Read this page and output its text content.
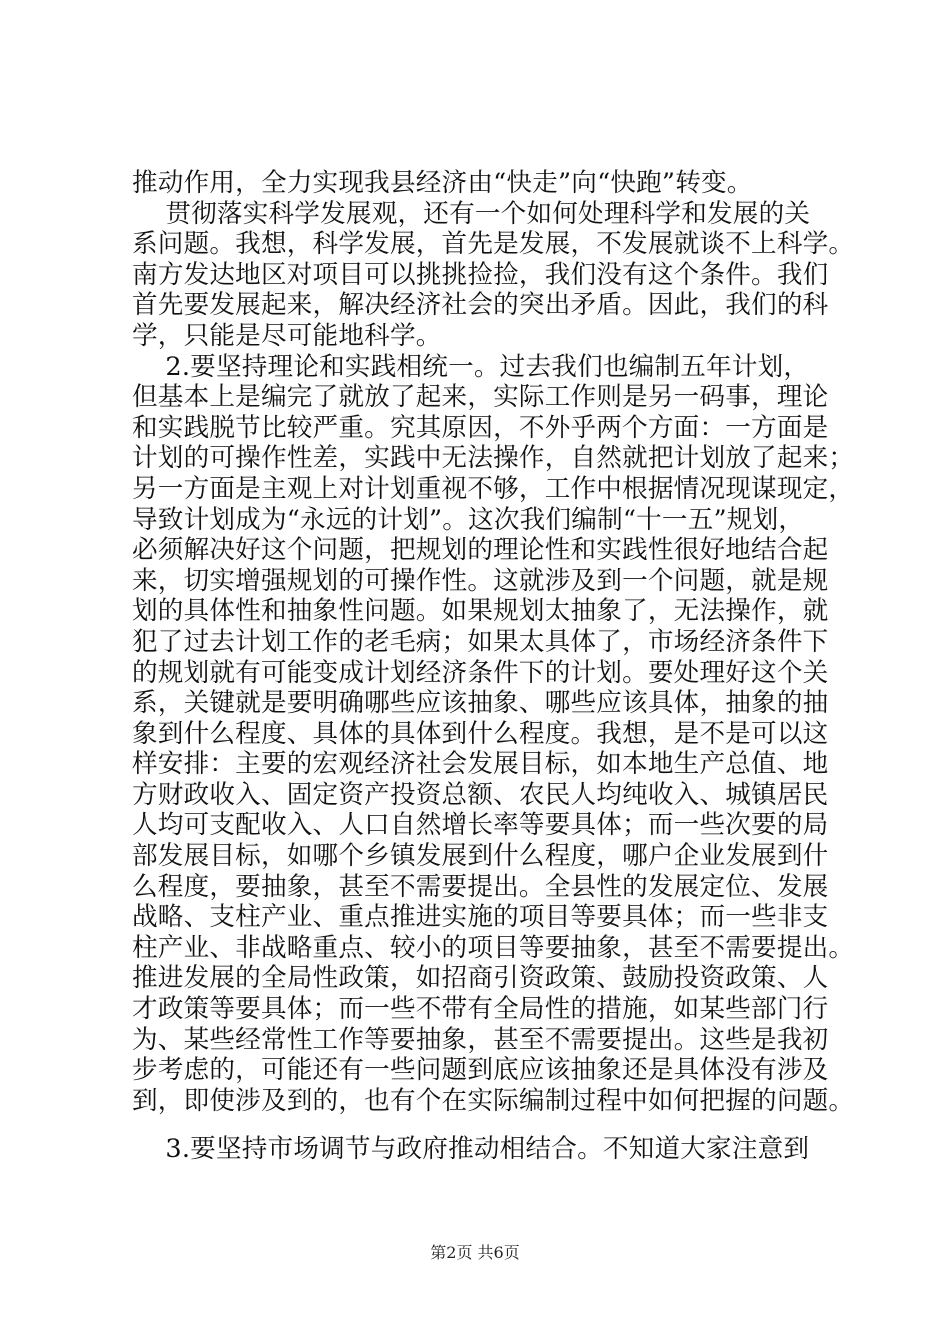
推动作用，全力实现我县经济由“快走”向“快跑”转变。
贯彻落实科学发展观，还有一个如何处理科学和发展的关
系问题。我想，科学发展，首先是发展，不发展就谈不上科学。
南方发达地区对项目可以挑挑捡捡，我们没有这个条件。我们
首先要发展起来，解决经济社会的突出矛盾。因此，我们的科
学，只能是尽可能地科学。
2.要坚持理论和实践相统一。过去我们也编制五年计划，
但基本上是编完了就放了起来，实际工作则是另一码事，理论
和实践脱节比较严重。究其原因，不外乎两个方面：一方面是
计划的可操作性差，实践中无法操作，自然就把计划放了起来；
另一方面是主观上对计划重视不够，工作中根据情况现谋现定，
导致计划成为“永远的计划”。这次我们编制“十一五”规划，
必须解决好这个问题，把规划的理论性和实践性很好地结合起
来，切实增强规划的可操作性。这就涉及到一个问题，就是规
划的具体性和抽象性问题。如果规划太抽象了，无法操作，就
犯了过去计划工作的老毛病；如果太具体了，市场经济条件下
的规划就有可能变成计划经济条件下的计划。要处理好这个关
系，关键就是要明确哪些应该抽象、哪些应该具体，抽象的抽
象到什么程度、具体的具体到什么程度。我想，是不是可以这
样安排：主要的宏观经济社会发展目标，如本地生产总值、地
方财政收入、固定资产投资总额、农民人均纯收入、城镇居民
人均可支配收入、人口自然增长率等要具体；而一些次要的局
部发展目标，如哪个乡镇发展到什么程度，哪户企业发展到什
么程度，要抽象，甚至不需要提出。全县性的发展定位、发展
战略、支柱产业、重点推进实施的项目等要具体；而一些非支
柱产业、非战略重点、较小的项目等要抽象，甚至不需要提出。
推进发展的全局性政策，如招商引资政策、鼓励投资政策、人
才政策等要具体；而一些不带有全局性的措施，如某些部门行
为、某些经常性工作等要抽象，甚至不需要提出。这些是我初
步考虑的，可能还有一些问题到底应该抽象还是具体没有涉及
到，即使涉及到的，也有个在实际编制过程中如何把握的问题。
3.要坚持市场调节与政府推动相结合。不知道大家注意到
第2页 共6页
